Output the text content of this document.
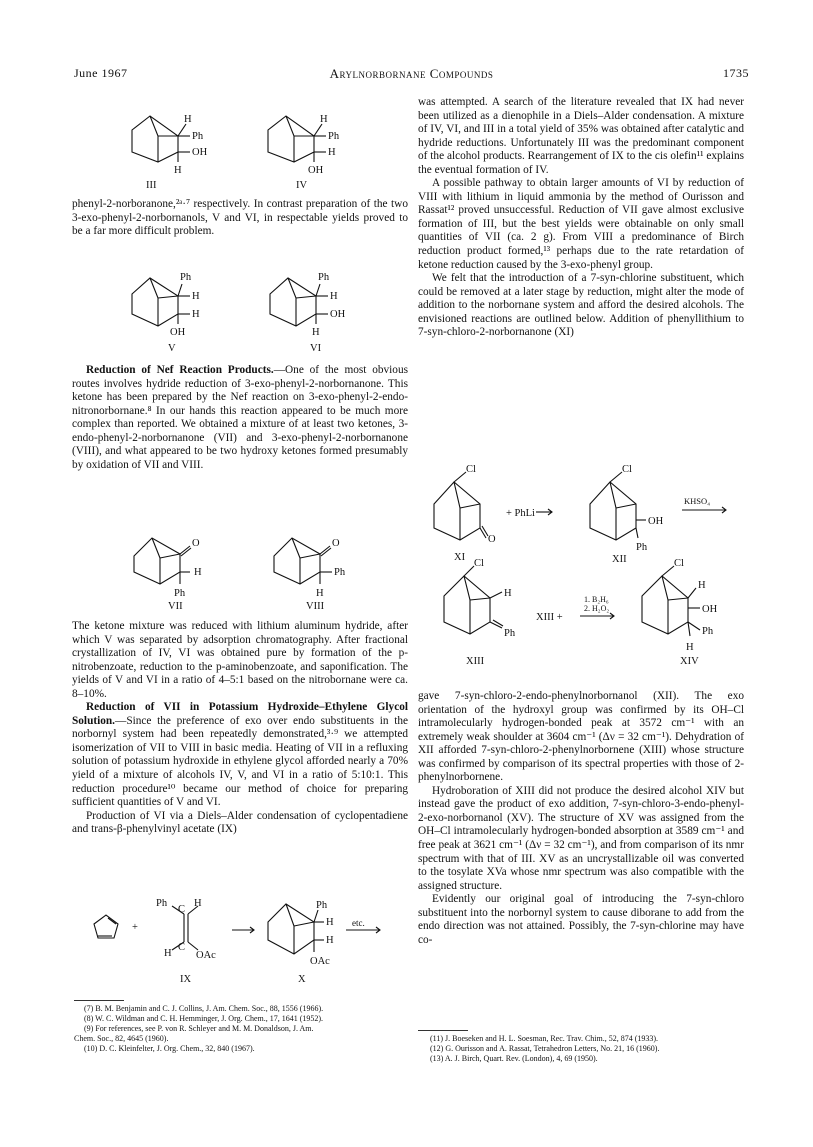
June 1967	Arylnorbornane Compounds	1735
H
Ph
OH
H
III
H
Ph
H
OH
IV

phenyl-2-norboranone,²ᵃ·⁷ respectively. In contrast preparation of the two 3-exo-phenyl-2-norbornanols, V and VI, in respectable yields proved to be a far more difficult problem.

Ph
H
H
OH
V
Ph
H
OH
H
VI

Reduction of Nef Reaction Products.—One of the most obvious routes involves hydride reduction of 3-exo-phenyl-2-norbornanone. This ketone has been prepared by the Nef reaction on 3-exo-phenyl-2-endo-nitronorbornane.⁸ In our hands this reaction appeared to be much more complex than reported. We obtained a mixture of at least two ketones, 3-endo-phenyl-2-norbornanone (VII) and 3-exo-phenyl-2-norbornanone (VIII), and what appeared to be two hydroxy ketones formed presumably by oxidation of VII and VIII.

O
H
Ph
VII
O
Ph
H
VIII

The ketone mixture was reduced with lithium aluminum hydride, after which V was separated by adsorption chromatography. After fractional crystallization of IV, VI was obtained pure by formation of the p-nitrobenzoate, reduction to the p-aminobenzoate, and saponification. The yields of V and VI in a ratio of 4–5:1 based on the nitrobornane were ca. 8–10%.

Reduction of VII in Potassium Hydroxide–Ethylene Glycol Solution.—Since the preference of exo over endo substituents in the norbornyl system had been repeatedly demonstrated,³·⁹ we attempted isomerization of VII to VIII in basic media. Heating of VII in a refluxing solution of potassium hydroxide in ethylene glycol afforded nearly a 70% yield of a mixture of alcohols IV, V, and VI in a ratio of 5:10:1. This reduction procedure¹⁰ became our method of choice for preparing sufficient quantities of V and VI.

Production of VI via a Diels–Alder condensation of cyclopentadiene and trans-β-phenylvinyl acetate (IX)

+
Ph	H
C
H
C
OAc
IX
Ph
H
H
OAc
X
etc.
(7) B. M. Benjamin and C. J. Collins, J. Am. Chem. Soc., 88, 1556 (1966).
(8) W. C. Wildman and C. H. Hemminger, J. Org. Chem., 17, 1641 (1952).
(9) For references, see P. von R. Schleyer and M. M. Donaldson, J. Am.
Chem. Soc., 82, 4645 (1960).
(10) D. C. Kleinfelter, J. Org. Chem., 32, 840 (1967).

was attempted. A search of the literature revealed that IX had never been utilized as a dienophile in a Diels–Alder condensation. A mixture of IV, VI, and III in a total yield of 35% was obtained after catalytic and hydride reductions. Unfortunately III was the predominant component of the alcohol products. Rearrangement of IX to the cis olefin¹¹ explains the eventual formation of IV.

A possible pathway to obtain larger amounts of VI by reduction of VIII with lithium in liquid ammonia by the method of Ourisson and Rassat¹² proved unsuccessful. Reduction of VII gave almost exclusive formation of III, but the best yields were obtainable on only small quantities of VII (ca. 2 g). From VIII a predominance of Birch reduction product formed,¹³ perhaps due to the rate retardation of ketone reduction caused by the 3-exo-phenyl group.

We felt that the introduction of a 7-syn-chlorine substituent, which could be removed at a later stage by reduction, might alter the mode of addition to the norbornane system and afford the desired alcohols. The envisioned reactions are outlined below. Addition of phenyllithium to 7-syn-chloro-2-norbornanone (XI)

Cl
O
XI
+ PhLi
Cl
OH
Ph
XII
KHSO₄
Cl
H
Ph
XIII
XIII +
1. B₂H₆
2. H₂O₂
Cl
H
OH
Ph
H
XIV

gave 7-syn-chloro-2-endo-phenylnorbornanol (XII). The exo orientation of the hydroxyl group was confirmed by its OH–Cl intramolecularly hydrogen-bonded peak at 3572 cm⁻¹ with an extremely weak shoulder at 3604 cm⁻¹ (Δν = 32 cm⁻¹). Dehydration of XII afforded 7-syn-chloro-2-phenylnorbornene (XIII) whose structure was confirmed by comparison of its spectral properties with those of 2-phenylnorbornene.

Hydroboration of XIII did not produce the desired alcohol XIV but instead gave the product of exo addition, 7-syn-chloro-3-endo-phenyl-2-exo-norbornanol (XV). The structure of XV was assigned from the OH–Cl intramolecularly hydrogen-bonded absorption at 3589 cm⁻¹ and free peak at 3621 cm⁻¹ (Δν = 32 cm⁻¹), and from comparison of its nmr spectrum with that of III. XV as an uncrystallizable oil was converted to the tosylate XVa whose nmr spectrum was also compatible with the assigned structure.

Evidently our original goal of introducing the 7-syn-chloro substituent into the norbornyl system to cause diborane to add from the endo direction was not attained. Possibly, the 7-syn-chlorine may have co-

(11) J. Boeseken and H. L. Soesman, Rec. Trav. Chim., 52, 874 (1933).
(12) G. Ourisson and A. Rassat, Tetrahedron Letters, No. 21, 16 (1960).
(13) A. J. Birch, Quart. Rev. (London), 4, 69 (1950).
